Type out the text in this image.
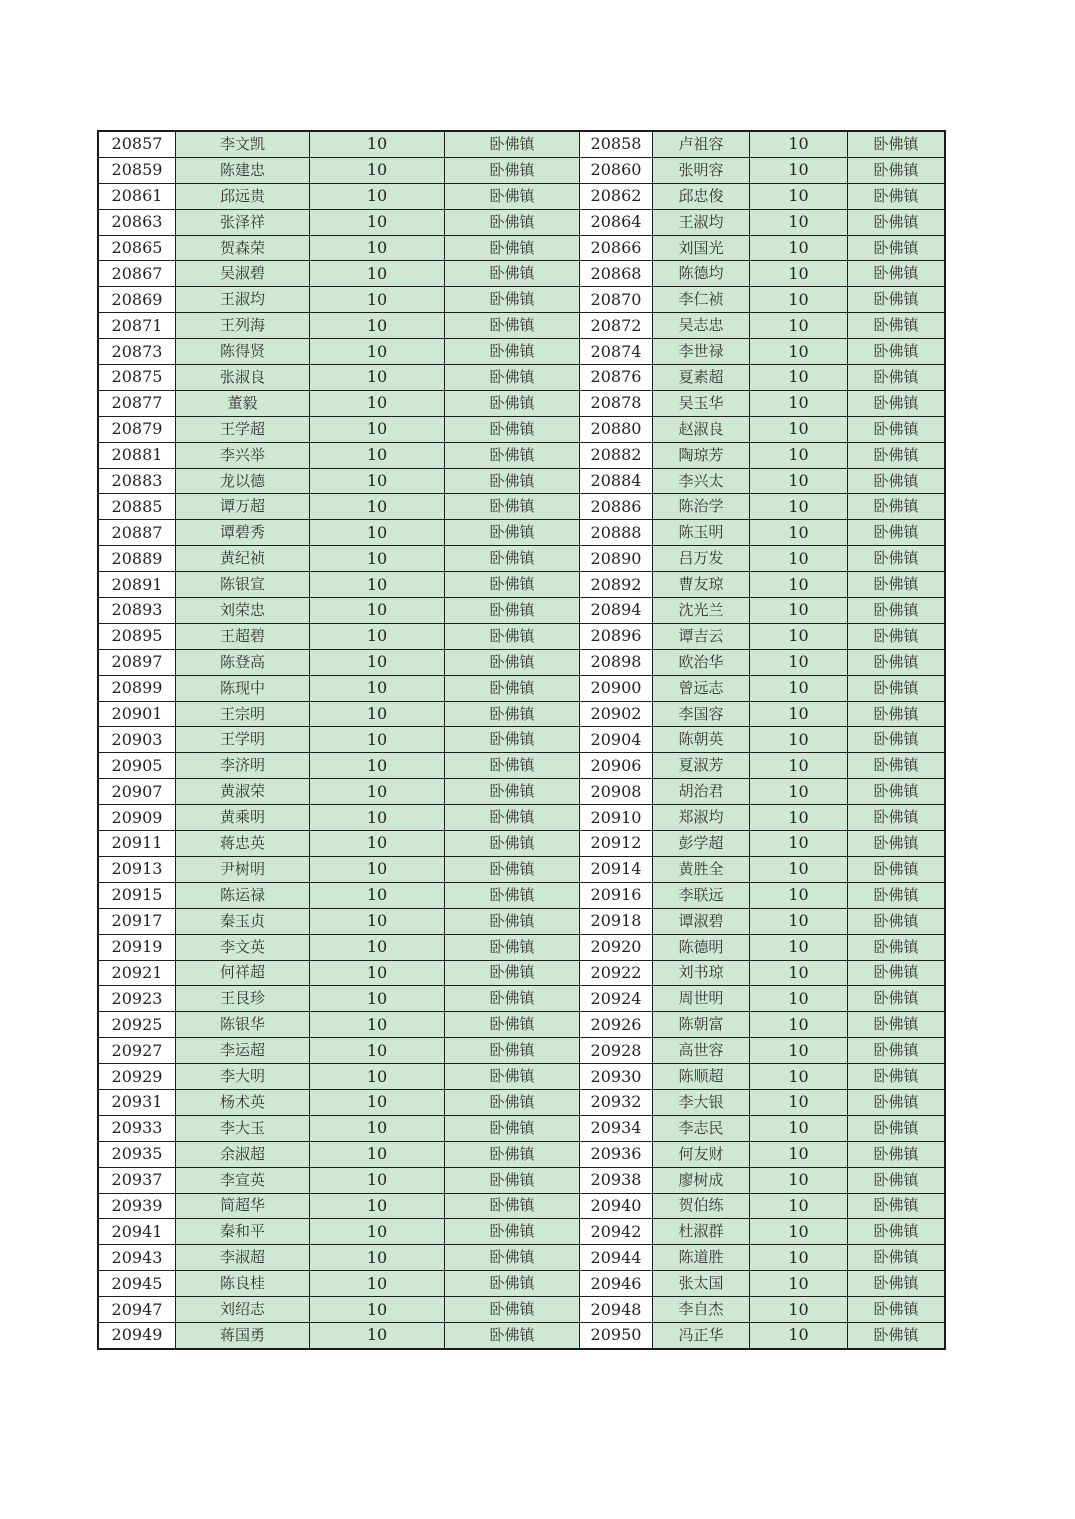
20857	李文凯	10	卧佛镇	20858	卢祖容	10	卧佛镇
20859	陈建忠	10	卧佛镇	20860	张明容	10	卧佛镇
20861	邱远贵	10	卧佛镇	20862	邱忠俊	10	卧佛镇
20863	张泽祥	10	卧佛镇	20864	王淑均	10	卧佛镇
20865	贺森荣	10	卧佛镇	20866	刘国光	10	卧佛镇
20867	吴淑碧	10	卧佛镇	20868	陈德均	10	卧佛镇
20869	王淑均	10	卧佛镇	20870	李仁祯	10	卧佛镇
20871	王列海	10	卧佛镇	20872	吴志忠	10	卧佛镇
20873	陈得贤	10	卧佛镇	20874	李世禄	10	卧佛镇
20875	张淑良	10	卧佛镇	20876	夏素超	10	卧佛镇
20877	董毅	10	卧佛镇	20878	吴玉华	10	卧佛镇
20879	王学超	10	卧佛镇	20880	赵淑良	10	卧佛镇
20881	李兴举	10	卧佛镇	20882	陶琼芳	10	卧佛镇
20883	龙以德	10	卧佛镇	20884	李兴太	10	卧佛镇
20885	谭万超	10	卧佛镇	20886	陈治学	10	卧佛镇
20887	谭碧秀	10	卧佛镇	20888	陈玉明	10	卧佛镇
20889	黄纪祯	10	卧佛镇	20890	吕万发	10	卧佛镇
20891	陈银宣	10	卧佛镇	20892	曹友琼	10	卧佛镇
20893	刘荣忠	10	卧佛镇	20894	沈光兰	10	卧佛镇
20895	王超碧	10	卧佛镇	20896	谭吉云	10	卧佛镇
20897	陈登高	10	卧佛镇	20898	欧治华	10	卧佛镇
20899	陈现中	10	卧佛镇	20900	曾远志	10	卧佛镇
20901	王宗明	10	卧佛镇	20902	李国容	10	卧佛镇
20903	王学明	10	卧佛镇	20904	陈朝英	10	卧佛镇
20905	李济明	10	卧佛镇	20906	夏淑芳	10	卧佛镇
20907	黄淑荣	10	卧佛镇	20908	胡治君	10	卧佛镇
20909	黄乘明	10	卧佛镇	20910	郑淑均	10	卧佛镇
20911	蒋忠英	10	卧佛镇	20912	彭学超	10	卧佛镇
20913	尹树明	10	卧佛镇	20914	黄胜全	10	卧佛镇
20915	陈运禄	10	卧佛镇	20916	李联远	10	卧佛镇
20917	秦玉贞	10	卧佛镇	20918	谭淑碧	10	卧佛镇
20919	李文英	10	卧佛镇	20920	陈德明	10	卧佛镇
20921	何祥超	10	卧佛镇	20922	刘书琼	10	卧佛镇
20923	王艮珍	10	卧佛镇	20924	周世明	10	卧佛镇
20925	陈银华	10	卧佛镇	20926	陈朝富	10	卧佛镇
20927	李运超	10	卧佛镇	20928	高世容	10	卧佛镇
20929	李大明	10	卧佛镇	20930	陈顺超	10	卧佛镇
20931	杨术英	10	卧佛镇	20932	李大银	10	卧佛镇
20933	李大玉	10	卧佛镇	20934	李志民	10	卧佛镇
20935	余淑超	10	卧佛镇	20936	何友财	10	卧佛镇
20937	李宣英	10	卧佛镇	20938	廖树成	10	卧佛镇
20939	简超华	10	卧佛镇	20940	贺伯练	10	卧佛镇
20941	秦和平	10	卧佛镇	20942	杜淑群	10	卧佛镇
20943	李淑超	10	卧佛镇	20944	陈道胜	10	卧佛镇
20945	陈良桂	10	卧佛镇	20946	张太国	10	卧佛镇
20947	刘绍志	10	卧佛镇	20948	李自杰	10	卧佛镇
20949	蒋国勇	10	卧佛镇	20950	冯正华	10	卧佛镇
